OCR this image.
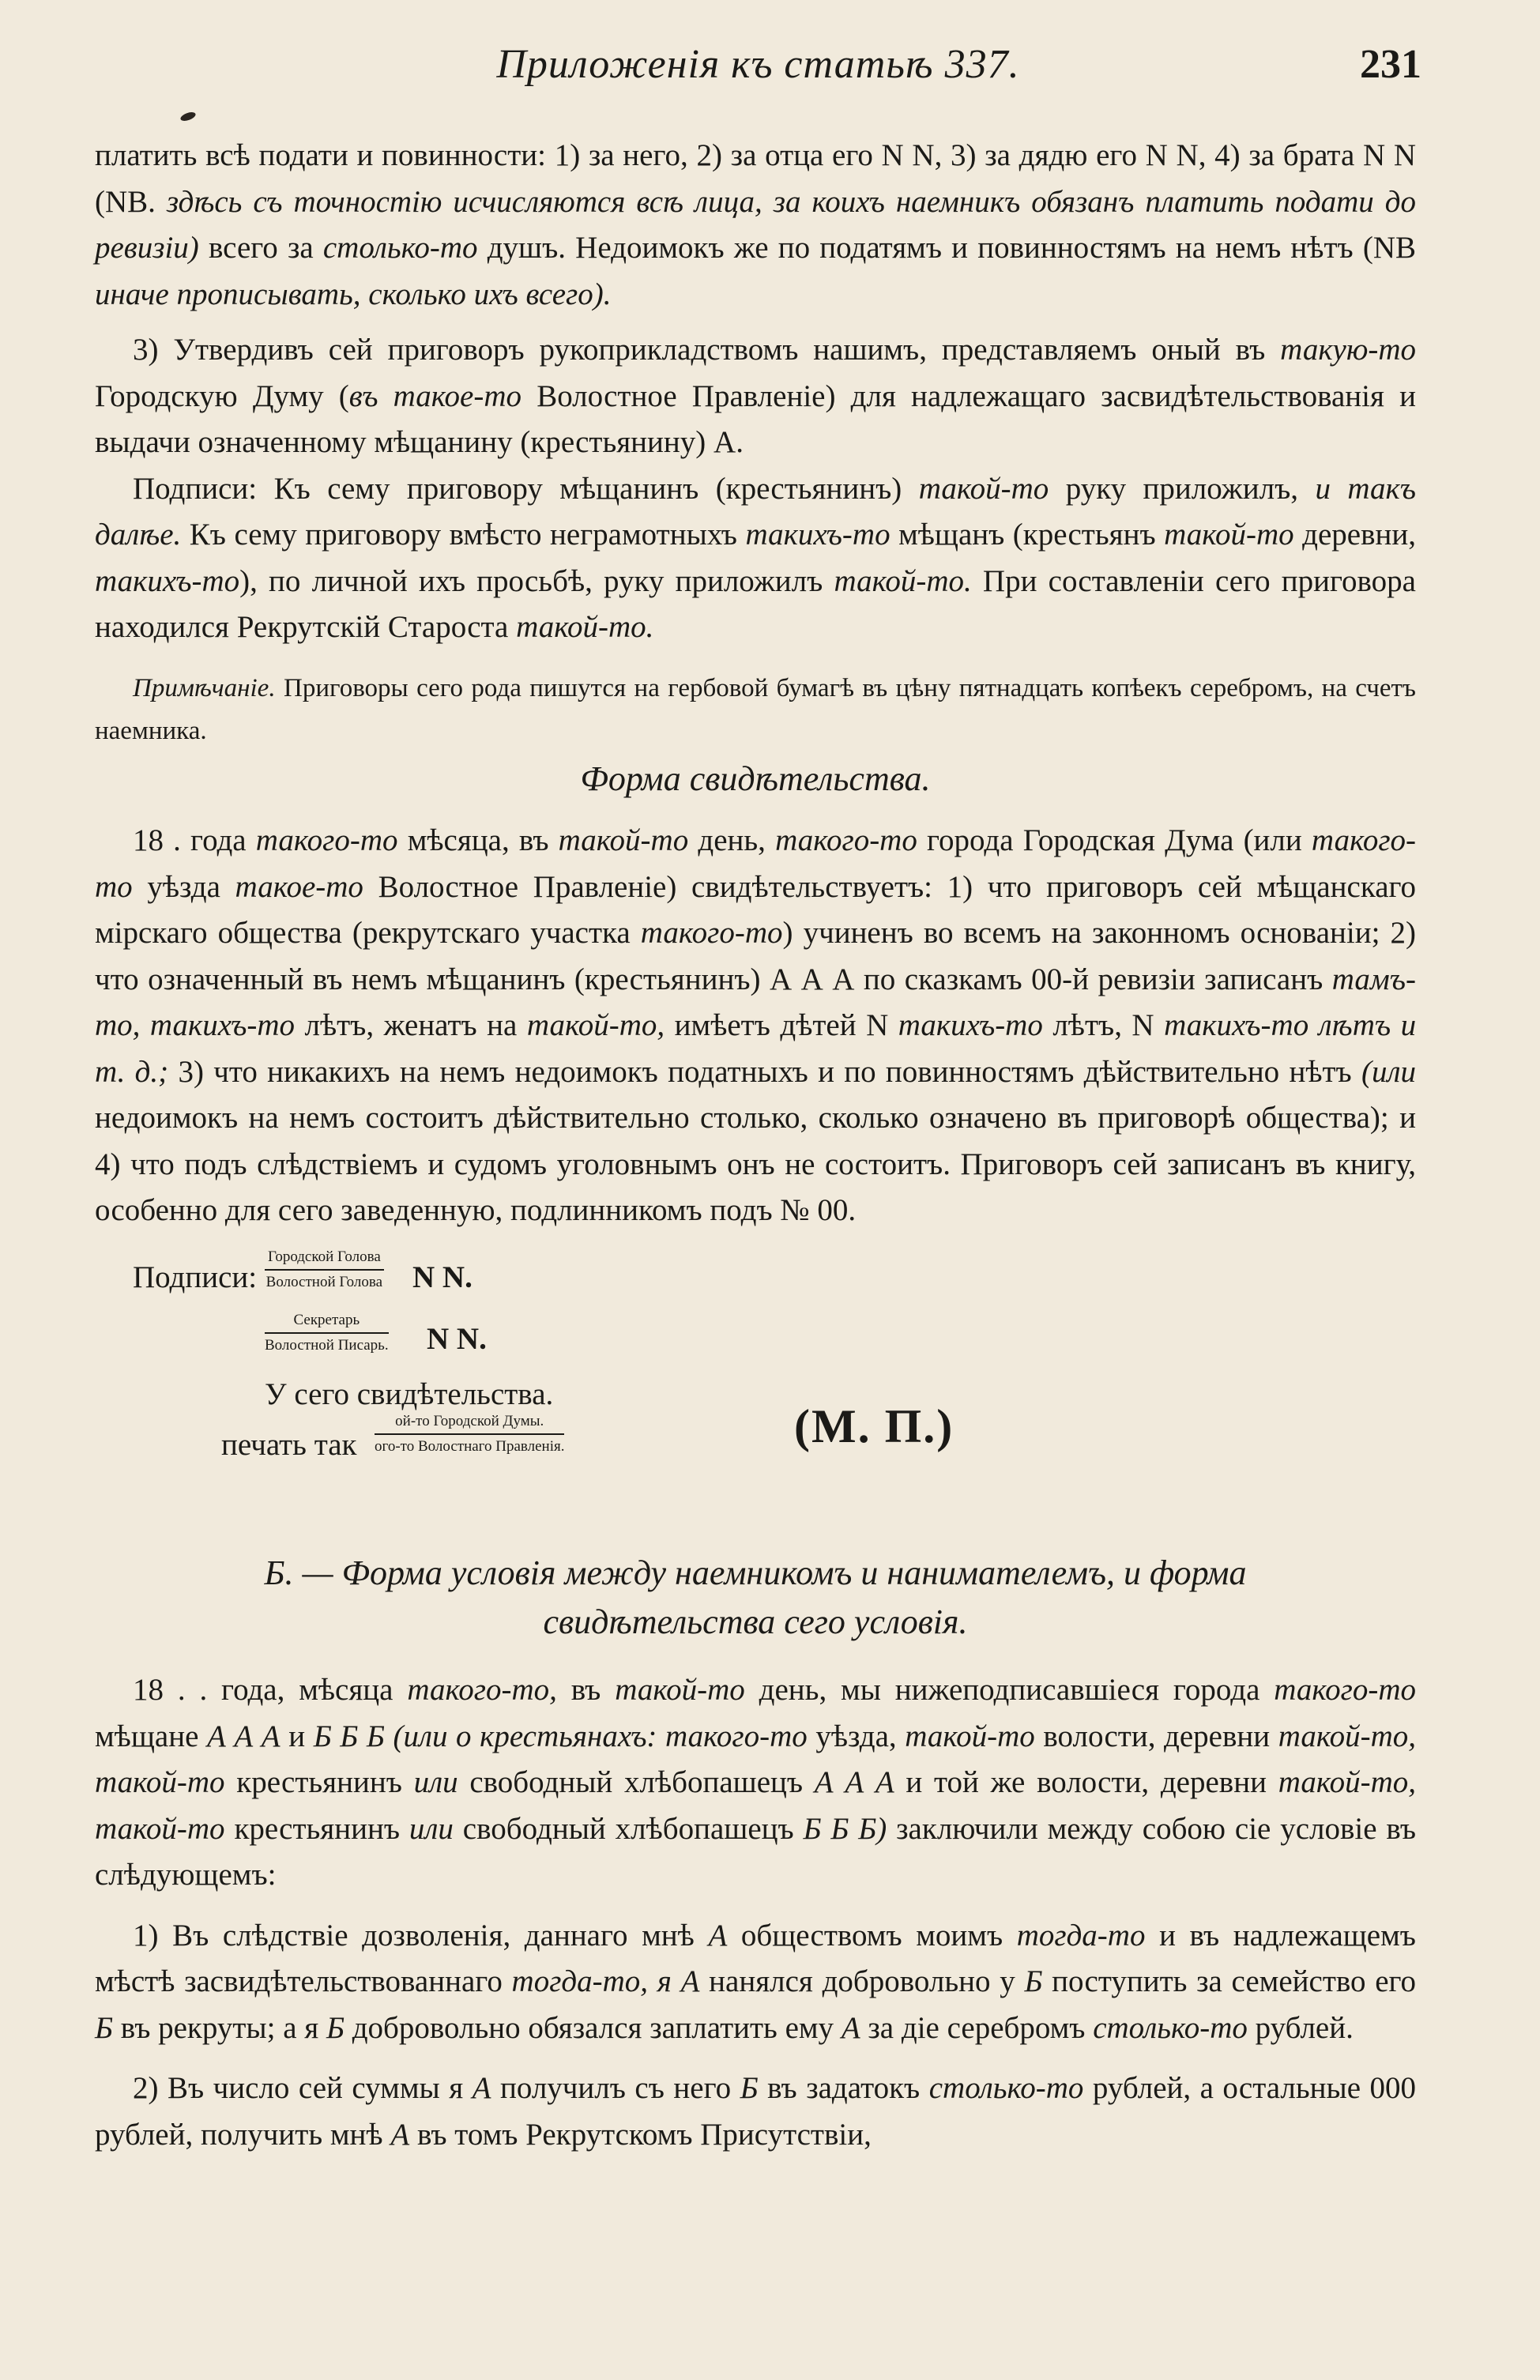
Приложенія къ статьѣ 337.	231

платить всѣ подати и повинности: 1) за него, 2) за отца его N N, 3) за дядю его N N, 4) за брата N N (NB. здѣсь съ точностію исчисляются всѣ лица, за коихъ наемникъ обязанъ платить подати до ревизіи) всего за столько-то душъ. Недоимокъ же по податямъ и повинностямъ на немъ нѣтъ (NB иначе прописывать, сколько ихъ всего).

3) Утвердивъ сей приговоръ рукоприкладствомъ нашимъ, представляемъ оный въ такую-то Городскую Думу (въ такое-то Волостное Правленіе) для надлежащаго засвидѣтельствованія и выдачи означенному мѣщанину (крестьянину) А.

Подписи: Къ сему приговору мѣщанинъ (крестьянинъ) такой-то руку приложилъ, и такъ далѣе. Къ сему приговору вмѣсто неграмотныхъ такихъ-то мѣщанъ (крестьянъ такой-то деревни, такихъ-то), по личной ихъ просьбѣ, руку приложилъ такой-то. При составленіи сего приговора находился Рекрутскій Староста такой-то.

Примѣчаніе. Приговоры сего рода пишутся на гербовой бумагѣ въ цѣну пятнадцать копѣекъ серебромъ, на счетъ наемника.

Форма свидѣтельства.

18 . года такого-то мѣсяца, въ такой-то день, такого-то города Городская Дума (или такого-то уѣзда такое-то Волостное Правленіе) свидѣтельствуетъ: 1) что приговоръ сей мѣщанскаго мірскаго общества (рекрутскаго участка такого-то) учиненъ во всемъ на законномъ основаніи; 2) что означенный въ немъ мѣщанинъ (крестьянинъ) А А А по сказкамъ 00-й ревизіи записанъ тамъ-то, такихъ-то лѣтъ, женатъ на такой-то, имѣетъ дѣтей N такихъ-то лѣтъ, N такихъ-то лѣтъ и т. д.; 3) что никакихъ на немъ недоимокъ податныхъ и по повинностямъ дѣйствительно нѣтъ (или недоимокъ на немъ состоитъ дѣйствительно столько, сколько означено въ приговорѣ общества); и 4) что подъ слѣдствіемъ и судомъ уголовнымъ онъ не состоитъ. Приговоръ сей записанъ въ книгу, особенно для сего заведенную, подлинникомъ подъ № 00.

Подписи:
Городской Голова
Волостной Голова N N.
Секретарь
Волостной Писарь. N N.
У сего свидѣтельства.
печать так
ой-то Городской Думы.
ого-то Волостнаго Правленія.	(М. П.)

Б. — Форма условія между наемникомъ и нанимателемъ, и форма

свидѣтельства сего условія.

18 . . года, мѣсяца такого-то, въ такой-то день, мы нижеподписавшіеся города такого-то мѣщане А А А и Б Б Б (или о крестьянахъ: такого-то уѣзда, такой-то волости, деревни такой-то, такой-то крестьянинъ или свободный хлѣбопашецъ А А А и той же волости, деревни такой-то, такой-то крестьянинъ или свободный хлѣбопашецъ Б Б Б) заключили между собою сіе условіе въ слѣдующемъ:

1) Въ слѣдствіе дозволенія, даннаго мнѣ А обществомъ моимъ тогда-то и въ надлежащемъ мѣстѣ засвидѣтельствованнаго тогда-то, я А нанялся добровольно у Б поступить за семейство его Б въ рекруты; а я Б добровольно обязался заплатить ему А за діе серебромъ столько-то рублей.

2) Въ число сей суммы я А получилъ съ него Б въ задатокъ столько-то рублей, а остальные 000 рублей, получить мнѣ А въ томъ Рекрутскомъ Присутствіи,
